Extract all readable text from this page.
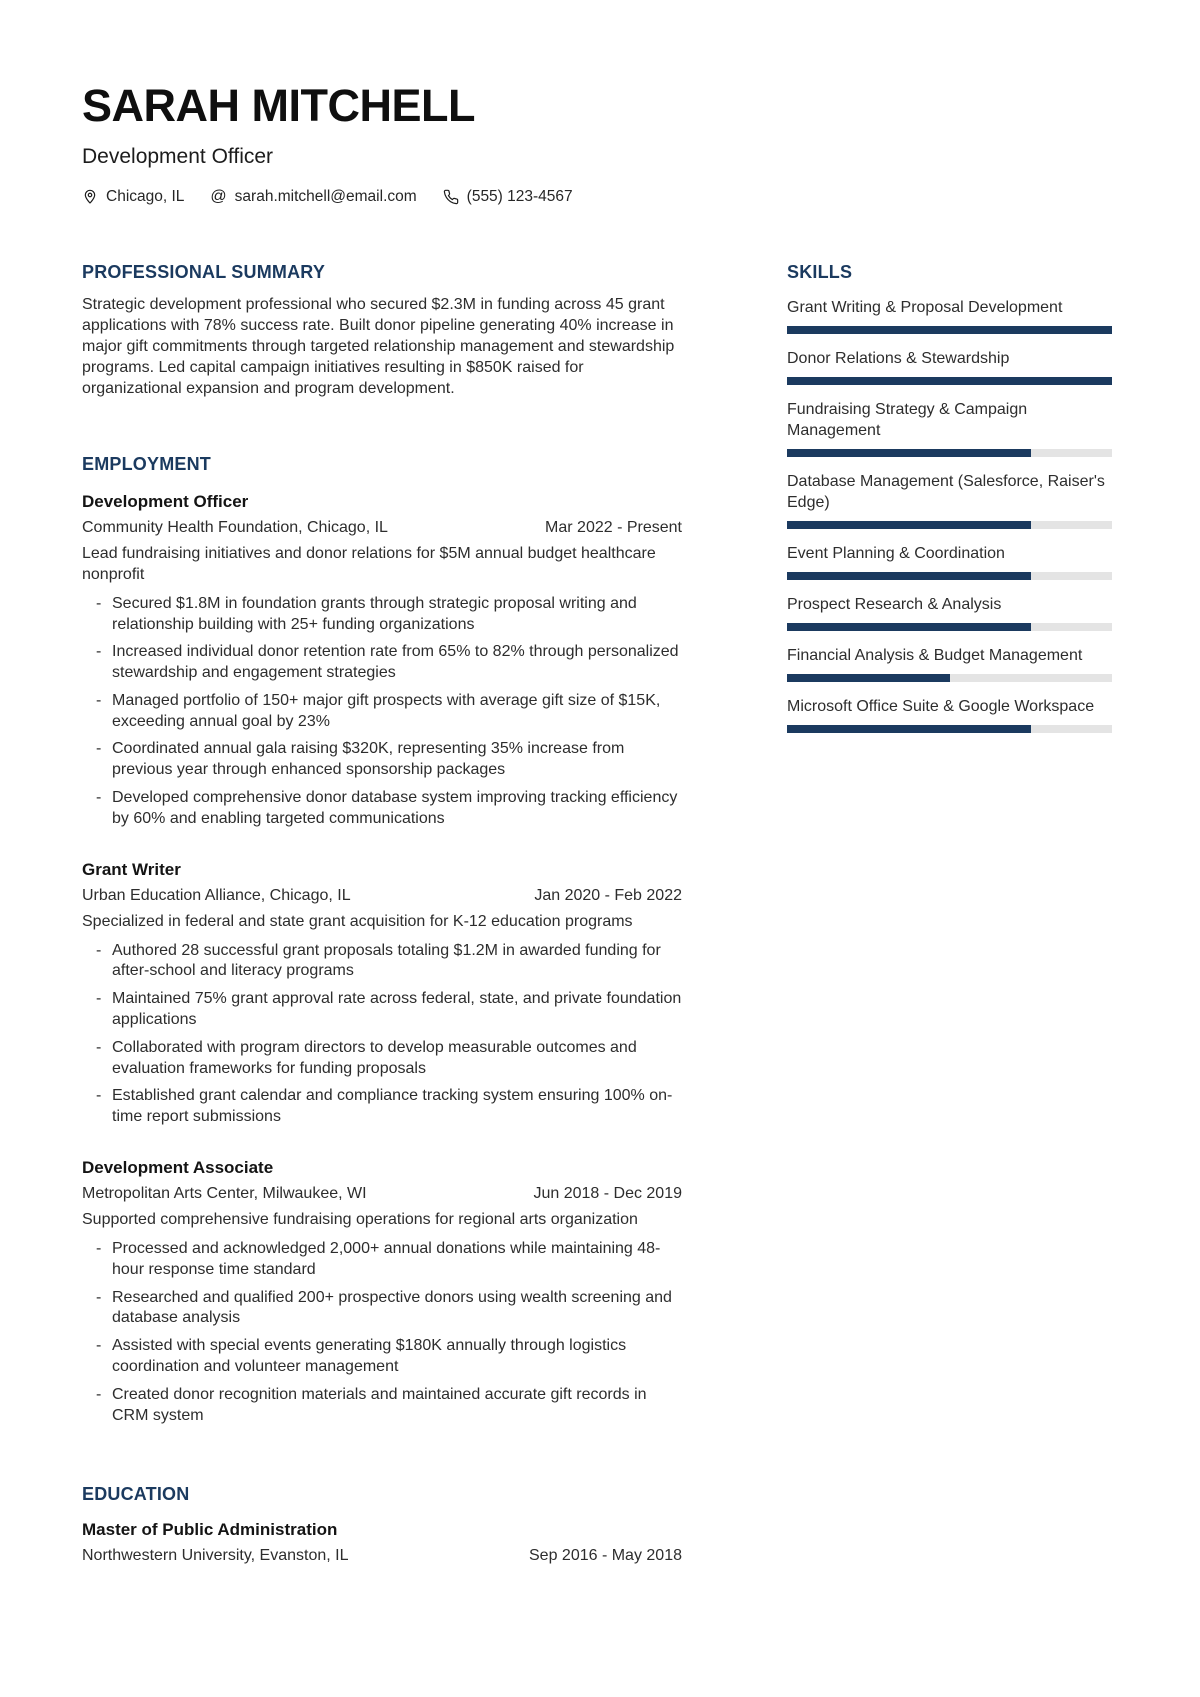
SARAH MITCHELL
Development Officer
Chicago, IL @ sarah.mitchell@email.com	(555) 123-4567
PROFESSIONAL SUMMARY

Strategic development professional who secured $2.3M in funding across 45 grant applications with 78% success rate. Built donor pipeline generating 40% increase in major gift commitments through targeted relationship management and stewardship programs. Led capital campaign initiatives resulting in $850K raised for organizational expansion and program development.

EMPLOYMENT
Development Officer
Community Health Foundation, Chicago, IL	Mar 2022 - Present

Lead fundraising initiatives and donor relations for $5M annual budget healthcare nonprofit

- Secured $1.8M in foundation grants through strategic proposal writing and relationship building with 25+ funding organizations
- Increased individual donor retention rate from 65% to 82% through personalized stewardship and engagement strategies
- Managed portfolio of 150+ major gift prospects with average gift size of $15K, exceeding annual goal by 23%
- Coordinated annual gala raising $320K, representing 35% increase from previous year through enhanced sponsorship packages
- Developed comprehensive donor database system improving tracking efficiency by 60% and enabling targeted communications
Grant Writer
Urban Education Alliance, Chicago, IL	Jan 2020 - Feb 2022

Specialized in federal and state grant acquisition for K-12 education programs

- Authored 28 successful grant proposals totaling $1.2M in awarded funding for after-school and literacy programs
- Maintained 75% grant approval rate across federal, state, and private foundation applications
- Collaborated with program directors to develop measurable outcomes and evaluation frameworks for funding proposals
- Established grant calendar and compliance tracking system ensuring 100% on-time report submissions
Development Associate
Metropolitan Arts Center, Milwaukee, WI	Jun 2018 - Dec 2019

Supported comprehensive fundraising operations for regional arts organization

- Processed and acknowledged 2,000+ annual donations while maintaining 48-hour response time standard
- Researched and qualified 200+ prospective donors using wealth screening and database analysis
- Assisted with special events generating $180K annually through logistics coordination and volunteer management
- Created donor recognition materials and maintained accurate gift records in CRM system
EDUCATION
Master of Public Administration
Northwestern University, Evanston, IL	Sep 2016 - May 2018
SKILLS
Grant Writing & Proposal Development
Donor Relations & Stewardship
Fundraising Strategy & Campaign Management
Database Management (Salesforce, Raiser's Edge)
Event Planning & Coordination
Prospect Research & Analysis
Financial Analysis & Budget Management
Microsoft Office Suite & Google Workspace
